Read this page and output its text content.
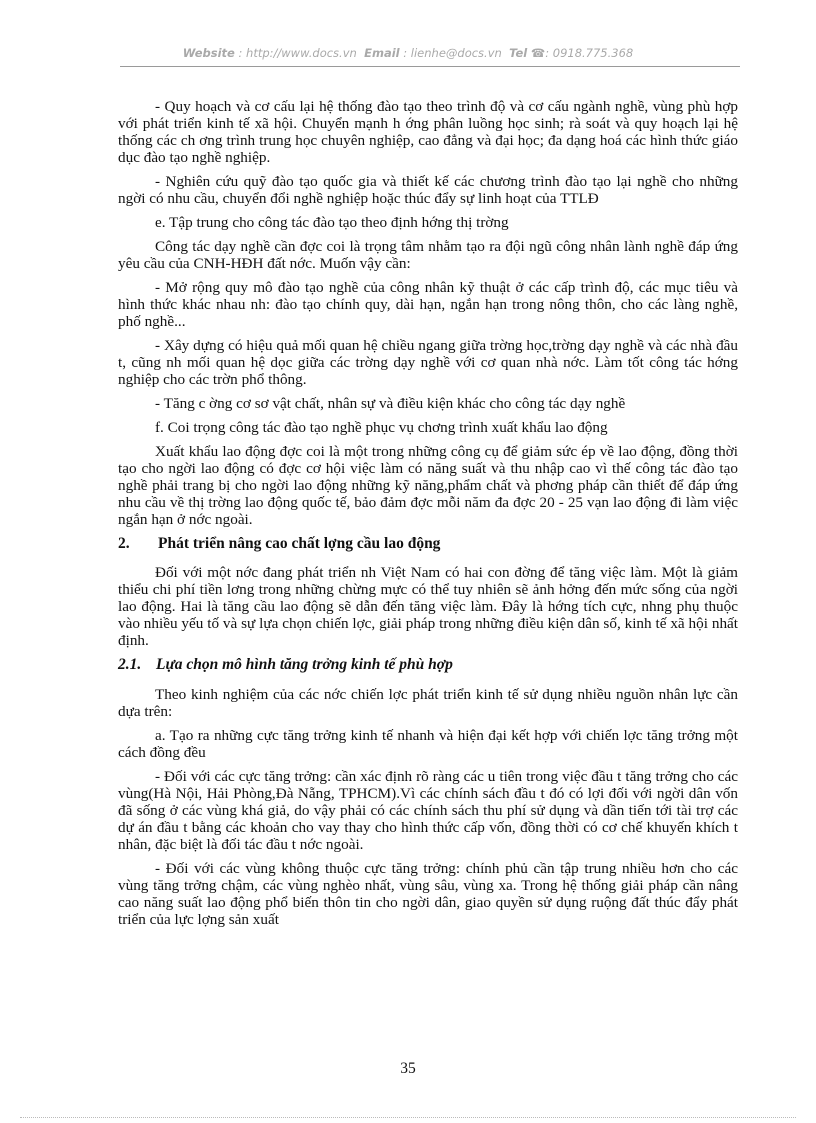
Website : http://www.docs.vn Email : lienhe@docs.vn Tel ☎: 0918.775.368

- Quy hoạch và cơ cấu lại hệ thống đào tạo theo trình độ và cơ cấu ngành nghề, vùng phù hợp với phát triển kinh tế xã hội. Chuyển mạnh h ớng phân luồng học sinh; rà soát và quy hoạch lại hệ thống các ch ơng trình trung học chuyên nghiệp, cao đẳng và đại học; đa dạng hoá các hình thức giáo dục đào tạo nghề nghiệp.

- Nghiên cứu quỹ đào tạo quốc gia và thiết kế các chương trình đào tạo lại nghề cho những ngời có nhu cầu, chuyển đổi nghề nghiệp hoặc thúc đẩy sự linh hoạt của TTLĐ

e. Tập trung cho công tác đào tạo theo định hớng thị trờng

Công tác dạy nghề cần đợc coi là trọng tâm nhằm tạo ra đội ngũ công nhân lành nghề đáp ứng yêu cầu của CNH-HĐH đất nớc. Muốn vậy cần:

- Mở rộng quy mô đào tạo nghề của công nhân kỹ thuật ở các cấp trình độ, các mục tiêu và hình thức khác nhau nh: đào tạo chính quy, dài hạn, ngắn hạn trong nông thôn, cho các làng nghề, phố nghề...

- Xây dựng có hiệu quả mối quan hệ chiều ngang giữa trờng học,trờng dạy nghề và các nhà đầu t, cũng nh mối quan hệ dọc giữa các trờng dạy nghề với cơ quan nhà nớc. Làm tốt công tác hớng nghiệp cho các trờn phổ thông.

- Tăng c ờng cơ sơ vật chất, nhân sự và điều kiện khác cho công tác dạy nghề

f. Coi trọng công tác đào tạo nghề phục vụ chơng trình xuất khẩu lao động

Xuất khẩu lao động đợc coi là một trong những công cụ để giảm sức ép về lao động, đồng thời tạo cho ngời lao động có đợc cơ hội việc làm có năng suất và thu nhập cao vì thế công tác đào tạo nghề phải trang bị cho ngời lao động những kỹ năng,phẩm chất và phơng pháp cần thiết để đáp ứng nhu cầu về thị trờng lao động quốc tế, bảo đảm đợc mỗi năm đa đợc 20 - 25 vạn lao động đi làm việc ngắn hạn ở nớc ngoài.

2. Phát triển nâng cao chất lợng cầu lao động

Đối với một nớc đang phát triển nh Việt Nam có hai con đờng để tăng việc làm. Một là giảm thiểu chi phí tiền lơng trong những chừng mực có thể tuy nhiên sẽ ảnh hởng đến mức sống của ngời lao động. Hai là tăng cầu lao động sẽ dẫn đến tăng việc làm. Đây là hớng tích cực, nhng phụ thuộc vào nhiều yếu tố và sự lựa chọn chiến lợc, giải pháp trong những điều kiện dân số, kinh tế xã hội nhất định.

2.1. Lựa chọn mô hình tăng trởng kinh tế phù hợp

Theo kinh nghiệm của các nớc chiến lợc phát triển kinh tế sử dụng nhiều nguồn nhân lực cần dựa trên:

a. Tạo ra những cực tăng trởng kinh tế nhanh và hiện đại kết hợp với chiến lợc tăng trởng một cách đồng đều

- Đối với các cực tăng trởng: cần xác định rõ ràng các u tiên trong việc đầu t tăng trởng cho các vùng(Hà Nội, Hải Phòng,Đà Nẵng, TPHCM).Vì các chính sách đầu t đó có lợi đối với ngời dân vốn đã sống ở các vùng khá giả, do vậy phải có các chính sách thu phí sử dụng và dần tiến tới tài trợ các dự án đầu t bằng các khoản cho vay thay cho hình thức cấp vốn, đồng thời có cơ chế khuyến khích t nhân, đặc biệt là đối tác đầu t nớc ngoài.

- Đối với các vùng không thuộc cực tăng trởng: chính phủ cần tập trung nhiều hơn cho các vùng tăng trởng chậm, các vùng nghèo nhất, vùng sâu, vùng xa. Trong hệ thống giải pháp cần nâng cao năng suất lao động phổ biến thôn tin cho ngời dân, giao quyền sử dụng ruộng đất thúc đẩy phát triển của lực lợng sản xuất

35
